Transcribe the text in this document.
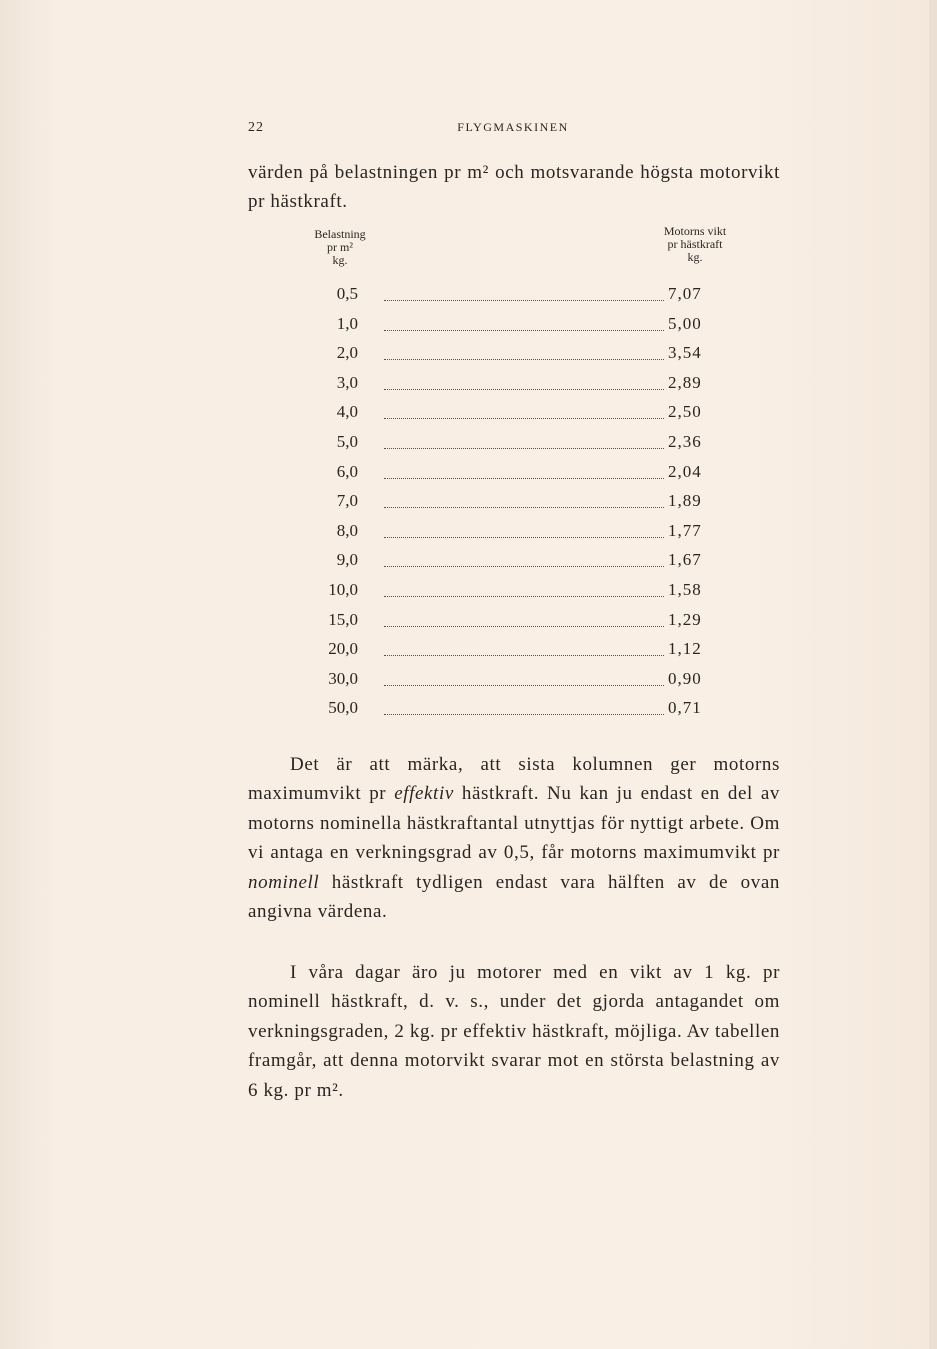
22	FLYGMASKINEN
värden på belastningen pr m² och motsvarande högsta motorvikt pr hästkraft.
Belastning
pr m²
kg.
Motorns vikt
pr hästkraft
kg.
0,5	7,07
1,0	5,00
2,0	3,54
3,0	2,89
4,0	2,50
5,0	2,36
6,0	2,04
7,0	1,89
8,0	1,77
9,0	1,67
10,0	1,58
15,0	1,29
20,0	1,12
30,0	0,90
50,0	0,71
Det är att märka, att sista kolumnen ger motorns maximumvikt pr effektiv hästkraft. Nu kan ju endast en del av motorns nominella hästkraftantal utnyttjas för nyttigt arbete. Om vi antaga en verkningsgrad av 0,5, får motorns maximumvikt pr nominell hästkraft tydligen endast vara hälften av de ovan angivna värdena.
I våra dagar äro ju motorer med en vikt av 1 kg. pr nominell hästkraft, d. v. s., under det gjorda antagandet om verkningsgraden, 2 kg. pr effektiv hästkraft, möjliga. Av tabellen framgår, att denna motorvikt svarar mot en största belastning av 6 kg. pr m².
